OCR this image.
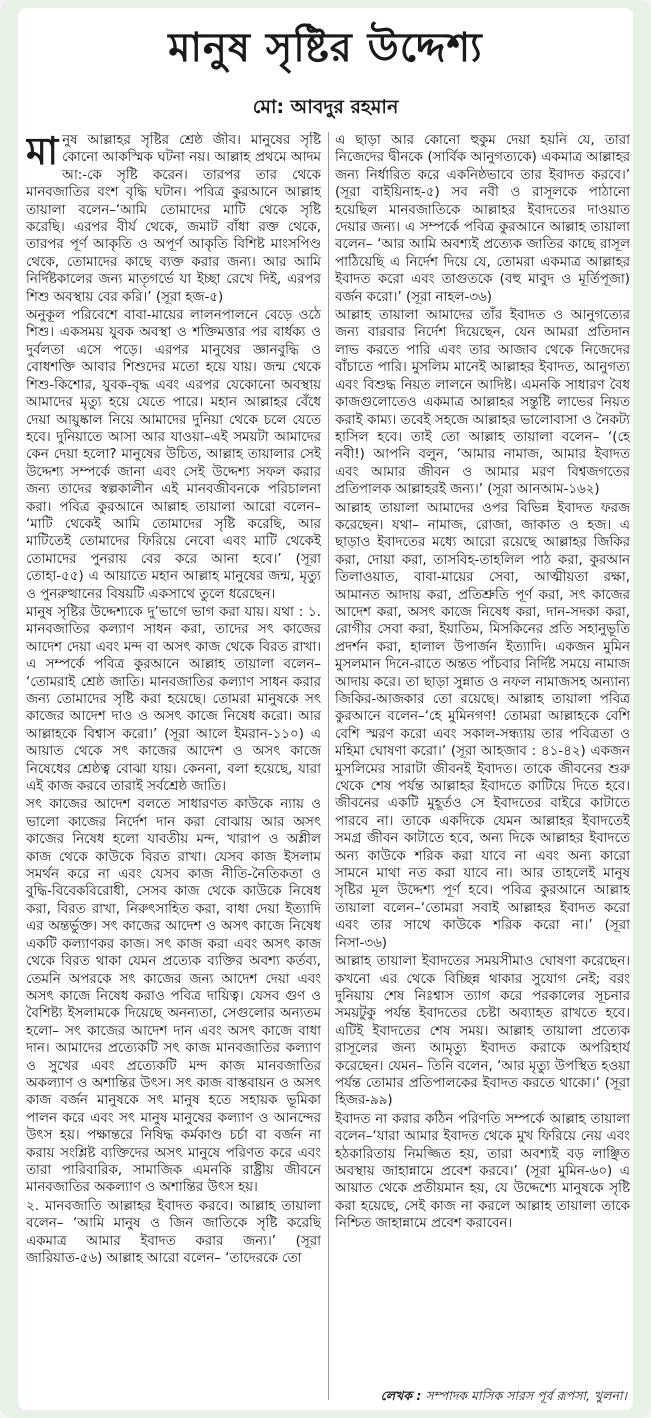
মানুষ সৃষ্টির উদ্দেশ্য
মো: আবদুর রহমান

মানুষ আল্লাহর সৃষ্টির শ্রেষ্ঠ জীব। মানুষের সৃষ্টি কোনো আকস্মিক ঘটনা নয়। আল্লাহ প্রথমে আদম আ:-কে সৃষ্টি করেন। তারপর তার থেকে মানবজাতির বংশ বৃদ্ধি ঘটান। পবিত্র কুরআনে আল্লাহ তায়ালা বলেন–‘আমি তোমাদের মাটি থেকে সৃষ্টি করেছি। এরপর বীর্য থেকে, জমাট বাঁধা রক্ত থেকে, তারপর পূর্ণ আকৃতি ও অপূর্ণ আকৃতি বিশিষ্ট মাংসপিণ্ড থেকে, তোমাদের কাছে ব্যক্ত করার জন্য। আর আমি নির্দিষ্টকালের জন্য মাতৃগর্ভে যা ইচ্ছা রেখে দিই, এরপর শিশু অবস্থায় বের করি।’ (সূরা হজ-৫)

অনুকূল পরিবেশে বাবা-মায়ের লালনপালনে বেড়ে ওঠে শিশু। একসময় যুবক অবস্থা ও শক্তিমত্তার পর বার্ধক্য ও দুর্বলতা এসে পড়ে। এরপর মানুষের জ্ঞানবুদ্ধি ও বোধশক্তি আবার শিশুদের মতো হয়ে যায়। জন্ম থেকে শিশু-কিশোর, যুবক-বৃদ্ধ এবং এরপর যেকোনো অবস্থায় আমাদের মৃত্যু হয়ে যেতে পারে। মহান আল্লাহর বেঁধে দেয়া আয়ুষ্কাল নিয়ে আমাদের দুনিয়া থেকে চলে যেতে হবে। দুনিয়াতে আসা আর যাওয়া–এই সময়টা আমাদের কেন দেয়া হলো? মানুষের উচিত, আল্লাহ তায়ালার সেই উদ্দেশ্য সম্পর্কে জানা এবং সেই উদ্দেশ্য সফল করার জন্য তাদের স্বল্পকালীন এই মানবজীবনকে পরিচালনা করা। পবিত্র কুরআনে আল্লাহ তায়ালা আরো বলেন– ‘মাটি থেকেই আমি তোমাদের সৃষ্টি করেছি, আর মাটিতেই তোমাদের ফিরিয়ে নেবো এবং মাটি থেকেই তোমাদের পুনরায় বের করে আনা হবে।’ (সূরা তোহা-৫৫) এ আয়াতে মহান আল্লাহ মানুষের জন্ম, মৃত্যু ও পুনরুত্থানের বিষয়টি একসাথে তুলে ধরেছেন।

মানুষ সৃষ্টির উদ্দেশ্যকে দু’ভাগে ভাগ করা যায়। যথা : ১. মানবজাতির কল্যাণ সাধন করা, তাদের সৎ কাজের আদেশ দেয়া এবং মন্দ বা অসৎ কাজ থেকে বিরত রাখা। এ সম্পর্কে পবিত্র কুরআনে আল্লাহ তায়ালা বলেন– ‘তোমরাই শ্রেষ্ঠ জাতি। মানবজাতির কল্যাণ সাধন করার জন্য তোমাদের সৃষ্টি করা হয়েছে। তোমরা মানুষকে সৎ কাজের আদেশ দাও ও অসৎ কাজে নিষেধ করো। আর আল্লাহকে বিশ্বাস করো।’ (সূরা আলে ইমরান-১১০) এ আয়াত থেকে সৎ কাজের আদেশ ও অসৎ কাজে নিষেধের শ্রেষ্ঠত্ব বোঝা যায়। কেননা, বলা হয়েছে, যারা এই কাজ করবে তারাই সর্বশ্রেষ্ঠ জাতি।

সৎ কাজের আদেশ বলতে সাধারণত কাউকে ন্যায় ও ভালো কাজের নির্দেশ দান করা বোঝায় আর অসৎ কাজের নিষেধ হলো যাবতীয় মন্দ, খারাপ ও অশ্লীল কাজ থেকে কাউকে বিরত রাখা। যেসব কাজ ইসলাম সমর্থন করে না এবং যেসব কাজ নীতি-নৈতিকতা ও বুদ্ধি-বিবেকবিরোধী, সেসব কাজ থেকে কাউকে নিষেধ করা, বিরত রাখা, নিরুৎসাহিত করা, বাধা দেয়া ইত্যাদি এর অন্তর্ভুক্ত। সৎ কাজের আদেশ ও অসৎ কাজে নিষেধ একটি কল্যাণকর কাজ। সৎ কাজ করা এবং অসৎ কাজ থেকে বিরত থাকা যেমন প্রত্যেক ব্যক্তির অবশ্য কর্তব্য, তেমনি অপরকে সৎ কাজের জন্য আদেশ দেয়া এবং অসৎ কাজে নিষেধ করাও পবিত্র দায়িত্ব। যেসব গুণ ও বৈশিষ্ট্য ইসলামকে দিয়েছে অনন্যতা, সেগুলোর অন্যতম হলো– সৎ কাজের আদেশ দান এবং অসৎ কাজে বাধা দান। আমাদের প্রত্যেকটি সৎ কাজ মানবজাতির কল্যাণ ও সুখের এবং প্রত্যেকটি মন্দ কাজ মানবজাতির অকল্যাণ ও অশান্তির উৎস। সৎ কাজ বাস্তবায়ন ও অসৎ কাজ বর্জন মানুষকে সৎ মানুষ হতে সহায়ক ভূমিকা পালন করে এবং সৎ মানুষ মানুষের কল্যাণ ও আনন্দের উৎস হয়। পক্ষান্তরে নিষিদ্ধ কর্মকাণ্ড চর্চা বা বর্জন না করায় সংশ্লিষ্ট ব্যক্তিদের অসৎ মানুষে পরিণত করে এবং তারা পারিবারিক, সামাজিক এমনকি রাষ্ট্রীয় জীবনে মানবজাতির অকল্যাণ ও অশান্তির উৎস হয়।

২. মানবজাতি আল্লাহর ইবাদত করবে। আল্লাহ তায়ালা বলেন– ‘আমি মানুষ ও জিন জাতিকে সৃষ্টি করেছি একমাত্র আমার ইবাদত করার জন্য।’ (সূরা জারিয়াত-৫৬) আল্লাহ আরো বলেন– ‘তাদেরকে তো

এ ছাড়া আর কোনো হুকুম দেয়া হয়নি যে, তারা নিজেদের দ্বীনকে (সার্বিক আনুগত্যকে) একমাত্র আল্লাহর জন্য নির্ধারিত করে একনিষ্ঠভাবে তার ইবাদত করবে।’ (সূরা বাইয়িনাহ-৫) সব নবী ও রাসূলকে পাঠানো হয়েছিল মানবজাতিকে আল্লাহর ইবাদতের দাওয়াত দেয়ার জন্য। এ সম্পর্কে পবিত্র কুরআনে আল্লাহ তায়ালা বলেন– ‘আর আমি অবশ্যই প্রত্যেক জাতির কাছে রাসূল পাঠিয়েছি এ নির্দেশ দিয়ে যে, তোমরা একমাত্র আল্লাহর ইবাদত করো এবং তাগুতকে (বহু মাবুদ ও মূর্তিপূজা) বর্জন করো।’ (সূরা নাহল-৩৬)

আল্লাহ তায়ালা আমাদের তাঁর ইবাদত ও আনুগত্যের জন্য বারবার নির্দেশ দিয়েছেন, যেন আমরা প্রতিদান লাভ করতে পারি এবং তার আজাব থেকে নিজেদের বাঁচাতে পারি। মুসলিম মানেই আল্লাহর ইবাদত, আনুগত্য এবং বিশুদ্ধ নিয়ত লালনে আদিষ্ট। এমনকি সাধারণ বৈধ কাজগুলোতেও একমাত্র আল্লাহর সন্তুষ্টি লাভের নিয়ত করাই কাম্য। তবেই সহজে আল্লাহর ভালোবাসা ও নৈকট্য হাসিল হবে। তাই তো আল্লাহ তায়ালা বলেন– ‘(হে নবী!) আপনি বলুন, ‘আমার নামাজ, আমার ইবাদত এবং আমার জীবন ও আমার মরণ বিশ্বজগতের প্রতিপালক আল্লাহরই জন্য।’ (সূরা আনআম-১৬২)

আল্লাহ তায়ালা আমাদের ওপর বিভিন্ন ইবাদত ফরজ করেছেন। যথা– নামাজ, রোজা, জাকাত ও হজ। এ ছাড়াও ইবাদতের মধ্যে আরো রয়েছে আল্লাহর জিকির করা, দোয়া করা, তাসবিহ-তাহলিল পাঠ করা, কুরআন তিলাওয়াত, বাবা-মায়ের সেবা, আত্মীয়তা রক্ষা, আমানত আদায় করা, প্রতিশ্রুতি পূর্ণ করা, সৎ কাজের আদেশ করা, অসৎ কাজে নিষেধ করা, দান-সদকা করা, রোগীর সেবা করা, ইয়াতিম, মিসকিনের প্রতি সহানুভূতি প্রদর্শন করা, হালাল উপার্জন ইত্যাদি। একজন মুমিন মুসলমান দিনে-রাতে অন্তত পাঁচবার নির্দিষ্ট সময়ে নামাজ আদায় করে। তা ছাড়া সুন্নাত ও নফল নামাজসহ অন্যান্য জিকির-আজকার তো রয়েছে। আল্লাহ তায়ালা পবিত্র কুরআনে বলেন–‘হে মুমিনগণ! তোমরা আল্লাহকে বেশি বেশি স্মরণ করো এবং সকাল-সন্ধ্যায় তার পবিত্রতা ও মহিমা ঘোষণা করো।’ (সূরা আহজাব : ৪১-৪২) একজন মুসলিমের সারাটা জীবনই ইবাদত। তাকে জীবনের শুরু থেকে শেষ পর্যন্ত আল্লাহর ইবাদতে কাটিয়ে দিতে হবে। জীবনের একটি মুহূর্তও সে ইবাদতের বাইরে কাটাতে পারবে না। তাকে একদিকে যেমন আল্লাহর ইবাদতেই সমগ্র জীবন কাটাতে হবে, অন্য দিকে আল্লাহর ইবাদতে অন্য কাউকে শরিক করা যাবে না এবং অন্য কারো সামনে মাথা নত করা যাবে না। আর তাহলেই মানুষ সৃষ্টির মূল উদ্দেশ্য পূর্ণ হবে। পবিত্র কুরআনে আল্লাহ তায়ালা বলেন–‘তোমরা সবাই আল্লাহর ইবাদত করো এবং তার সাথে কাউকে শরিক করো না।’ (সূরা নিসা-৩৬)

আল্লাহ তায়ালা ইবাদতের সময়সীমাও ঘোষণা করেছেন। কখনো এর থেকে বিচ্ছিন্ন থাকার সুযোগ নেই; বরং দুনিয়ায় শেষ নিঃশ্বাস ত্যাগ করে পরকালের সূচনার সময়টুকু পর্যন্ত ইবাদতের চেষ্টা অব্যাহত রাখতে হবে। এটিই ইবাদতের শেষ সময়। আল্লাহ তায়ালা প্রত্যেক রাসূলের জন্য আমৃত্যু ইবাদত করাকে অপরিহার্য করেছেন। যেমন– তিনি বলেন, ‘আর মৃত্যু উপস্থিত হওয়া পর্যন্ত তোমার প্রতিপালকের ইবাদত করতে থাকো।’ (সূরা হিজর-৯৯)

ইবাদত না করার কঠিন পরিণতি সম্পর্কে আল্লাহ তায়ালা বলেন–‘যারা আমার ইবাদত থেকে মুখ ফিরিয়ে নেয় এবং হঠকারিতায় নিমজ্জিত হয়, তারা অবশ্যই বড় লাঞ্ছিত অবস্থায় জাহান্নামে প্রবেশ করবে।’ (সূরা মুমিন-৬০) এ আয়াত থেকে প্রতীয়মান হয়, যে উদ্দেশ্যে মানুষকে সৃষ্টি করা হয়েছে, সেই কাজ না করলে আল্লাহ তায়ালা তাকে নিশ্চিত জাহান্নামে প্রবেশ করাবেন।

লেখক : সম্পাদক মাসিক সারস পূর্ব রূপসা, খুলনা।
